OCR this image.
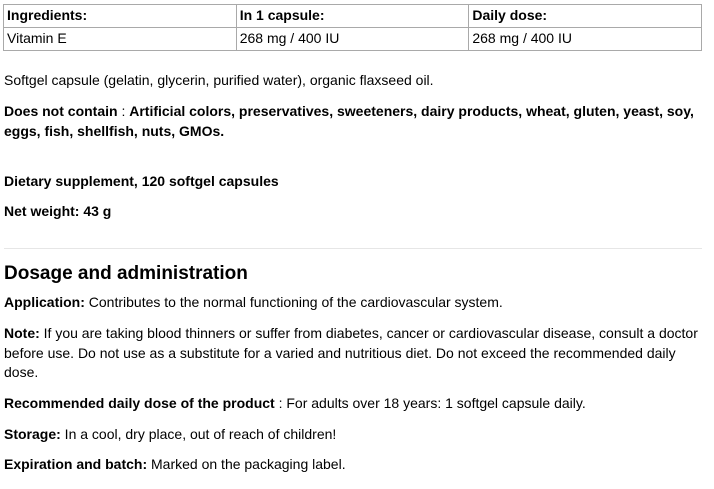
Ingredients:	In 1 capsule:	Daily dose:
Vitamin E	268 mg / 400 IU	268 mg / 400 IU

Softgel capsule (gelatin, glycerin, purified water), organic flaxseed oil.

Does not contain : Artificial colors, preservatives, sweeteners, dairy products, wheat, gluten, yeast, soy, eggs, fish, shellfish, nuts, GMOs.

Dietary supplement, 120 softgel capsules

Net weight: 43 g

Dosage and administration

Application: Contributes to the normal functioning of the cardiovascular system.

Note: If you are taking blood thinners or suffer from diabetes, cancer or cardiovascular disease, consult a doctor before use. Do not use as a substitute for a varied and nutritious diet. Do not exceed the recommended daily dose.

Recommended daily dose of the product : For adults over 18 years: 1 softgel capsule daily.

Storage: In a cool, dry place, out of reach of children!

Expiration and batch: Marked on the packaging label.
